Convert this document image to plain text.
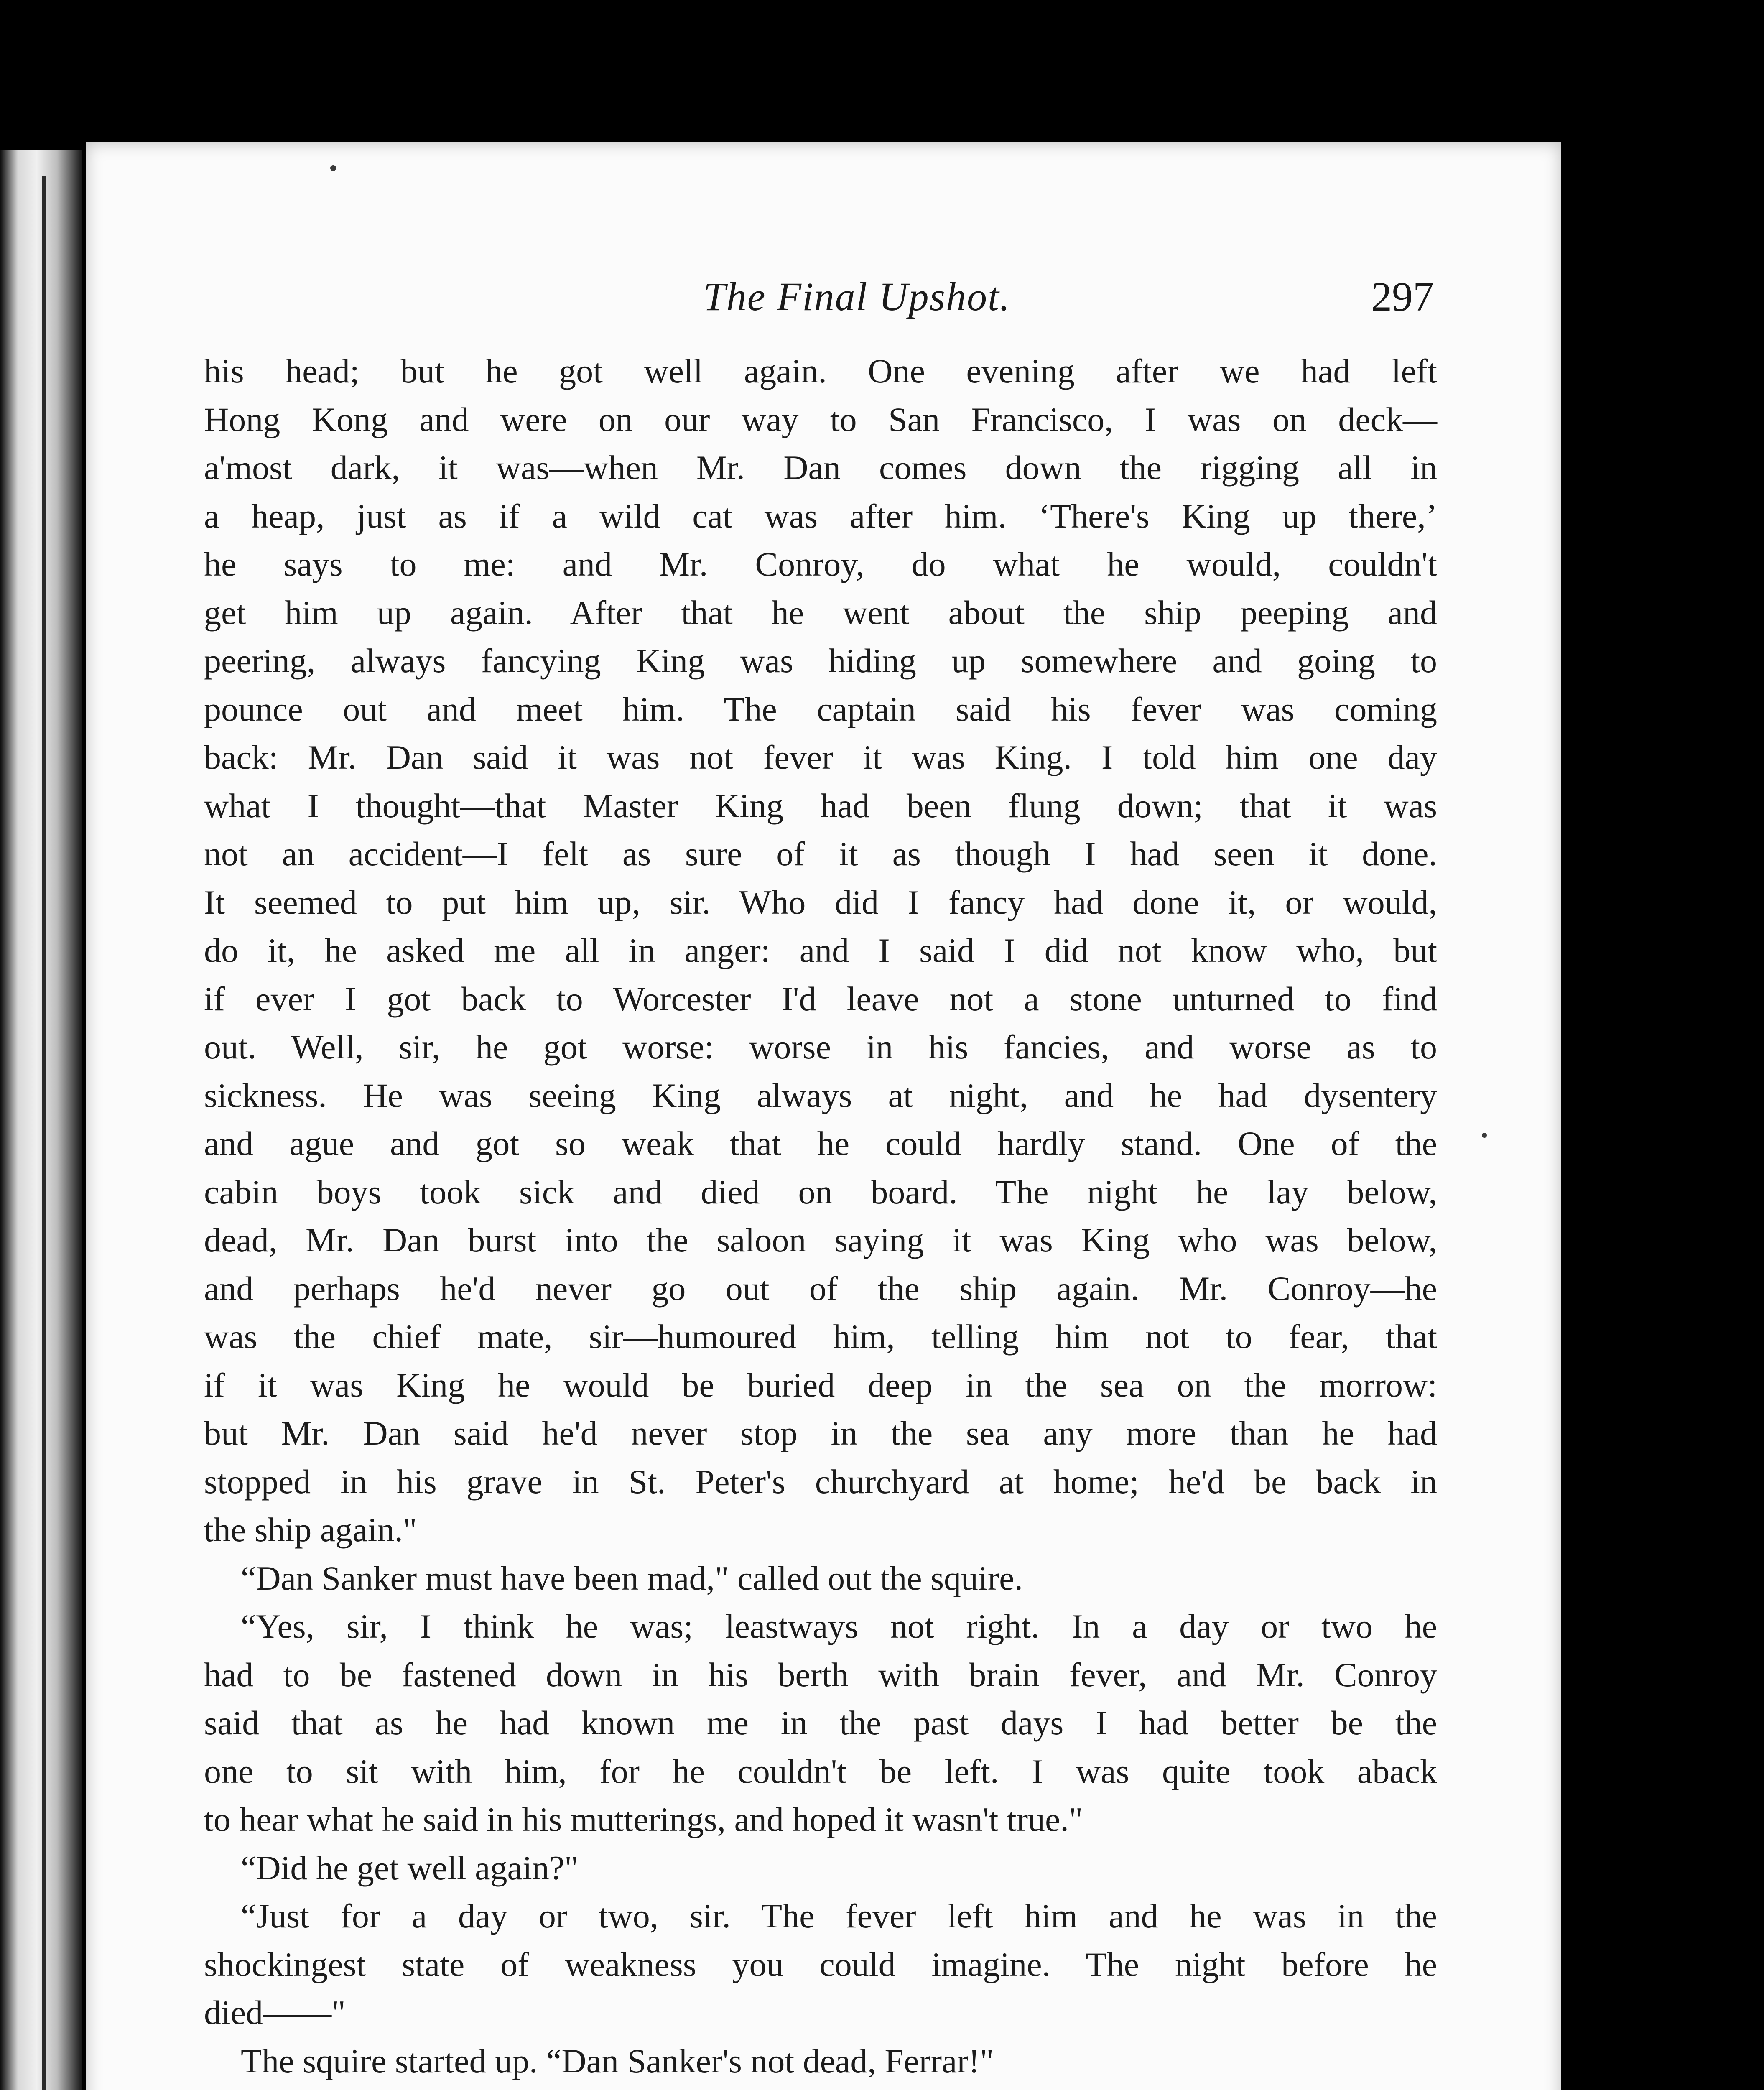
The Final Upshot.	297
his head; but he got well again. One evening after we had left
Hong Kong and were on our way to San Francisco, I was on deck—
a'most dark, it was—when Mr. Dan comes down the rigging all in
a heap, just as if a wild cat was after him. ‘There's King up there,’
he says to me: and Mr. Conroy, do what he would, couldn't
get him up again. After that he went about the ship peeping and
peering, always fancying King was hiding up somewhere and going to
pounce out and meet him. The captain said his fever was coming
back: Mr. Dan said it was not fever it was King. I told him one day
what I thought—that Master King had been flung down; that it was
not an accident—I felt as sure of it as though I had seen it done.
It seemed to put him up, sir. Who did I fancy had done it, or would,
do it, he asked me all in anger: and I said I did not know who, but
if ever I got back to Worcester I'd leave not a stone unturned to find
out. Well, sir, he got worse: worse in his fancies, and worse as to
sickness. He was seeing King always at night, and he had dysentery
and ague and got so weak that he could hardly stand. One of the
cabin boys took sick and died on board. The night he lay below,
dead, Mr. Dan burst into the saloon saying it was King who was below,
and perhaps he'd never go out of the ship again. Mr. Conroy—he
was the chief mate, sir—humoured him, telling him not to fear, that
if it was King he would be buried deep in the sea on the morrow:
but Mr. Dan said he'd never stop in the sea any more than he had
stopped in his grave in St. Peter's churchyard at home; he'd be back in
the ship again."
“Dan Sanker must have been mad," called out the squire.
“Yes, sir, I think he was; leastways not right. In a day or two he
had to be fastened down in his berth with brain fever, and Mr. Conroy
said that as he had known me in the past days I had better be the
one to sit with him, for he couldn't be left. I was quite took aback
to hear what he said in his mutterings, and hoped it wasn't true."
“Did he get well again?"
“Just for a day or two, sir. The fever left him and he was in the
shockingest state of weakness you could imagine. The night before he
died——"
The squire started up. “Dan Sanker's not dead, Ferrar!"
